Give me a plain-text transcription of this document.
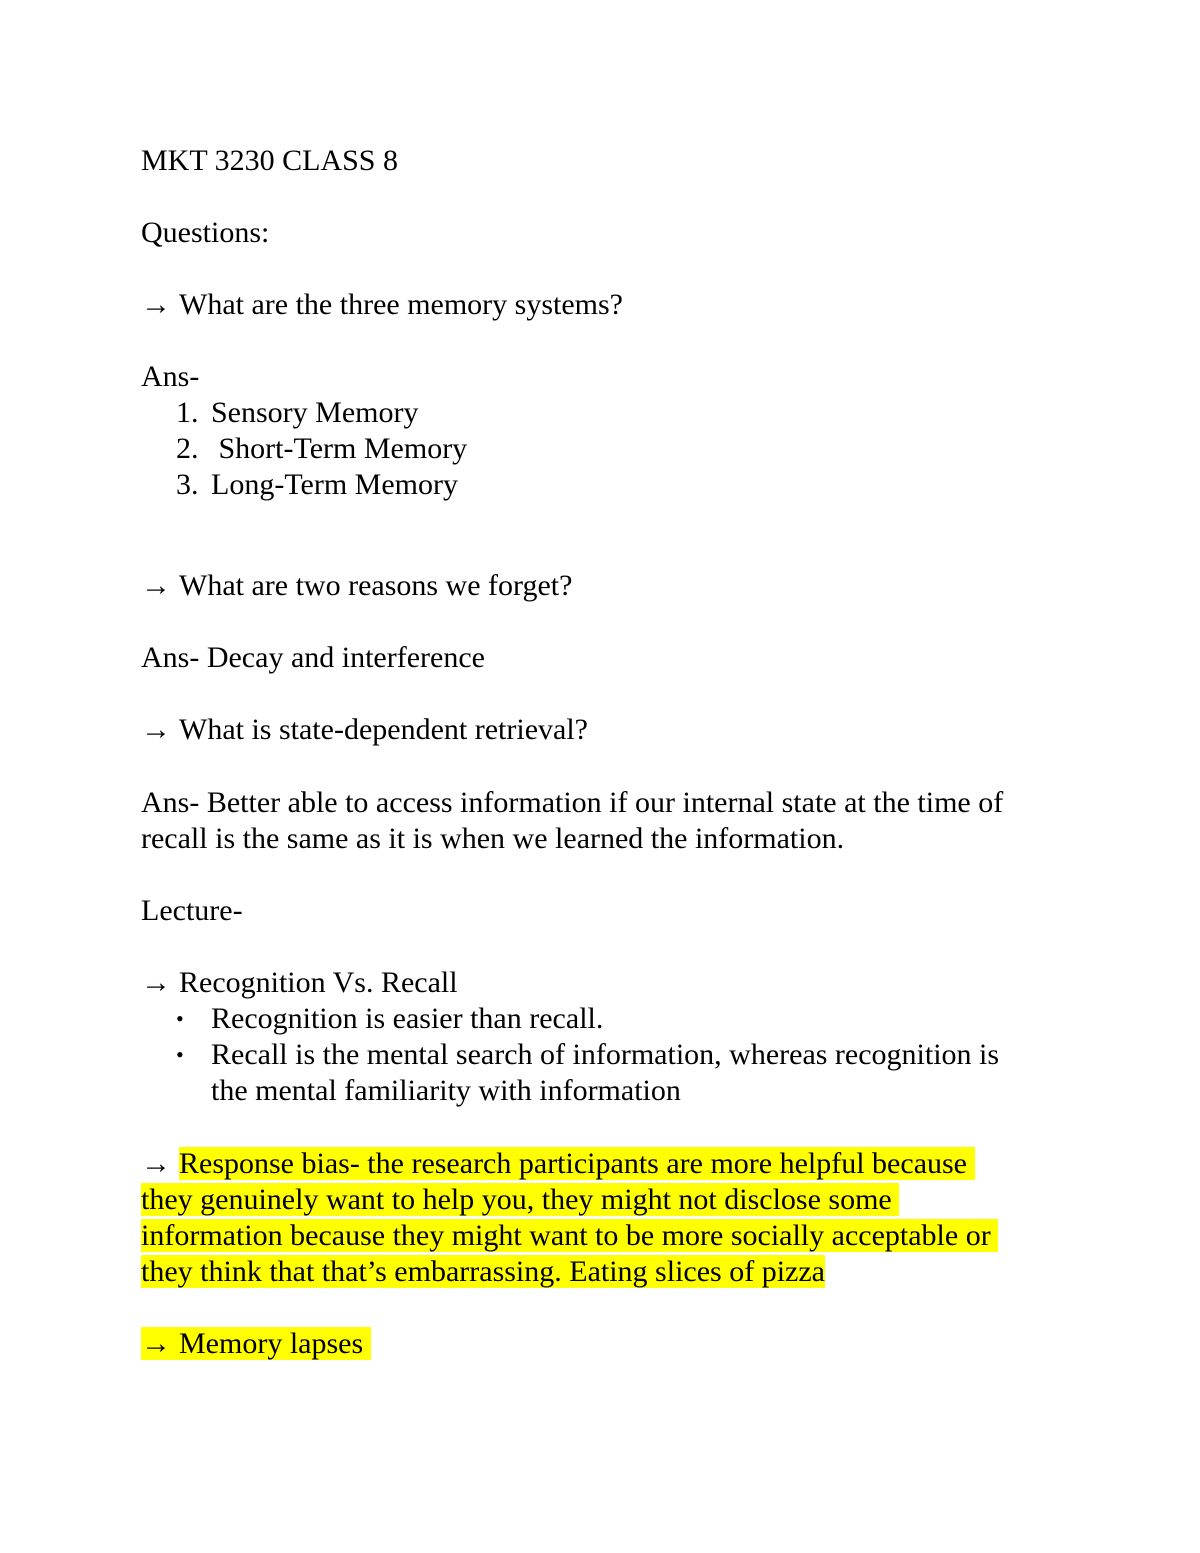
MKT 3230 CLASS 8

Questions:

→ What are the three memory systems?

Ans-

1. Sensory Memory
2. Short-Term Memory
3. Long-Term Memory

→ What are two reasons we forget?

Ans- Decay and interference

→ What is state-dependent retrieval?

Ans- Better able to access information if our internal state at the time of

recall is the same as it is when we learned the information.

Lecture-

→ Recognition Vs. Recall

• Recognition is easier than recall.
• Recall is the mental search of information, whereas recognition is
the mental familiarity with information

→ Response bias- the research participants are more helpful because

they genuinely want to help you, they might not disclose some

information because they might want to be more socially acceptable or

they think that that’s embarrassing. Eating slices of pizza

→ Memory lapses
